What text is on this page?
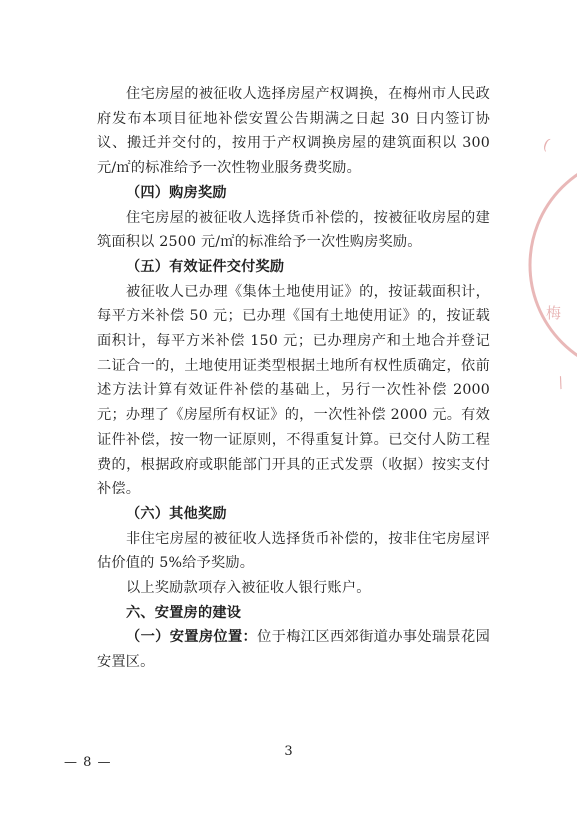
(
梅
/

住宅房屋的被征收人选择房屋产权调换，在梅州市人民政府发布本项目征地补偿安置公告期满之日起 30 日内签订协议、搬迁并交付的，按用于产权调换房屋的建筑面积以 300 元/㎡的标准给予一次性物业服务费奖励。

（四）购房奖励

住宅房屋的被征收人选择货币补偿的，按被征收房屋的建筑面积以 2500 元/㎡的标准给予一次性购房奖励。

（五）有效证件交付奖励

被征收人已办理《集体土地使用证》的，按证载面积计，每平方米补偿 50 元；已办理《国有土地使用证》的，按证载面积计，每平方米补偿 150 元；已办理房产和土地合并登记二证合一的，土地使用证类型根据土地所有权性质确定，依前述方法计算有效证件补偿的基础上，另行一次性补偿 2000 元；办理了《房屋所有权证》的，一次性补偿 2000 元。有效证件补偿，按一物一证原则，不得重复计算。已交付人防工程费的，根据政府或职能部门开具的正式发票（收据）按实支付补偿。

（六）其他奖励

非住宅房屋的被征收人选择货币补偿的，按非住宅房屋评估价值的 5%给予奖励。

以上奖励款项存入被征收人银行账户。

六、安置房的建设

（一）安置房位置：位于梅江区西郊街道办事处瑞景花园安置区。

3
— 8 —
